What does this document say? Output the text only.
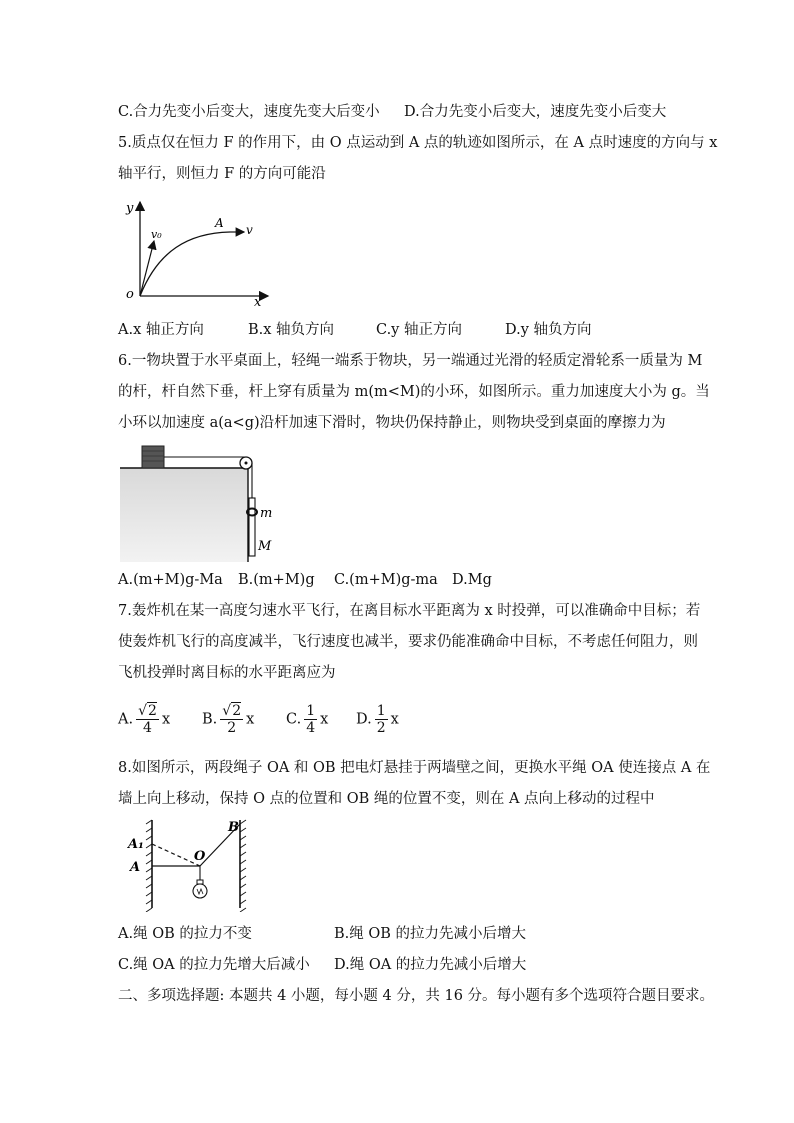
C.合力先变小后变大，速度先变大后变小 D.合力先变小后变大，速度先变小后变大
5.质点仅在恒力 F 的作用下，由 O 点运动到 A 点的轨迹如图所示，在 A 点时速度的方向与 x
轴平行，则恒力 F 的方向可能沿
y
x
o
v₀
A v
A.x 轴正方向	B.x 轴负方向	C.y 轴正方向	D.y 轴负方向
6.一物块置于水平桌面上，轻绳一端系于物块，另一端通过光滑的轻质定滑轮系一质量为 M
的杆，杆自然下垂，杆上穿有质量为 m(m<M)的小环，如图所示。重力加速度大小为 g。当
小环以加速度 a(a<g)沿杆加速下滑时，物块仍保持静止，则物块受到桌面的摩擦力为
m
M
A.(m+M)g-Ma B.(m+M)g C.(m+M)g-ma D.Mg
7.轰炸机在某一高度匀速水平飞行，在离目标水平距离为 x 时投弹，可以准确命中目标；若
使轰炸机飞行的高度减半，飞行速度也减半，要求仍能准确命中目标，不考虑任何阻力，则
飞机投弹时离目标的水平距离应为
A. $\frac{√2}{4}$ x B. $\frac{√2}{2}$ x C. $\frac{1}{4}$ x D. $\frac{1}{2}$ x
8.如图所示，两段绳子 OA 和 OB 把电灯悬挂于两墙壁之间，更换水平绳 OA 使连接点 A 在
墙上向上移动，保持 O 点的位置和 OB 绳的位置不变，则在 A 点向上移动的过程中
A₁
A
O
B
A.绳 OB 的拉力不变	B.绳 OB 的拉力先减小后增大
C.绳 OA 的拉力先增大后减小 D.绳 OA 的拉力先减小后增大
二、多项选择题: 本题共 4 小题，每小题 4 分，共 16 分。每小题有多个选项符合题目要求。
